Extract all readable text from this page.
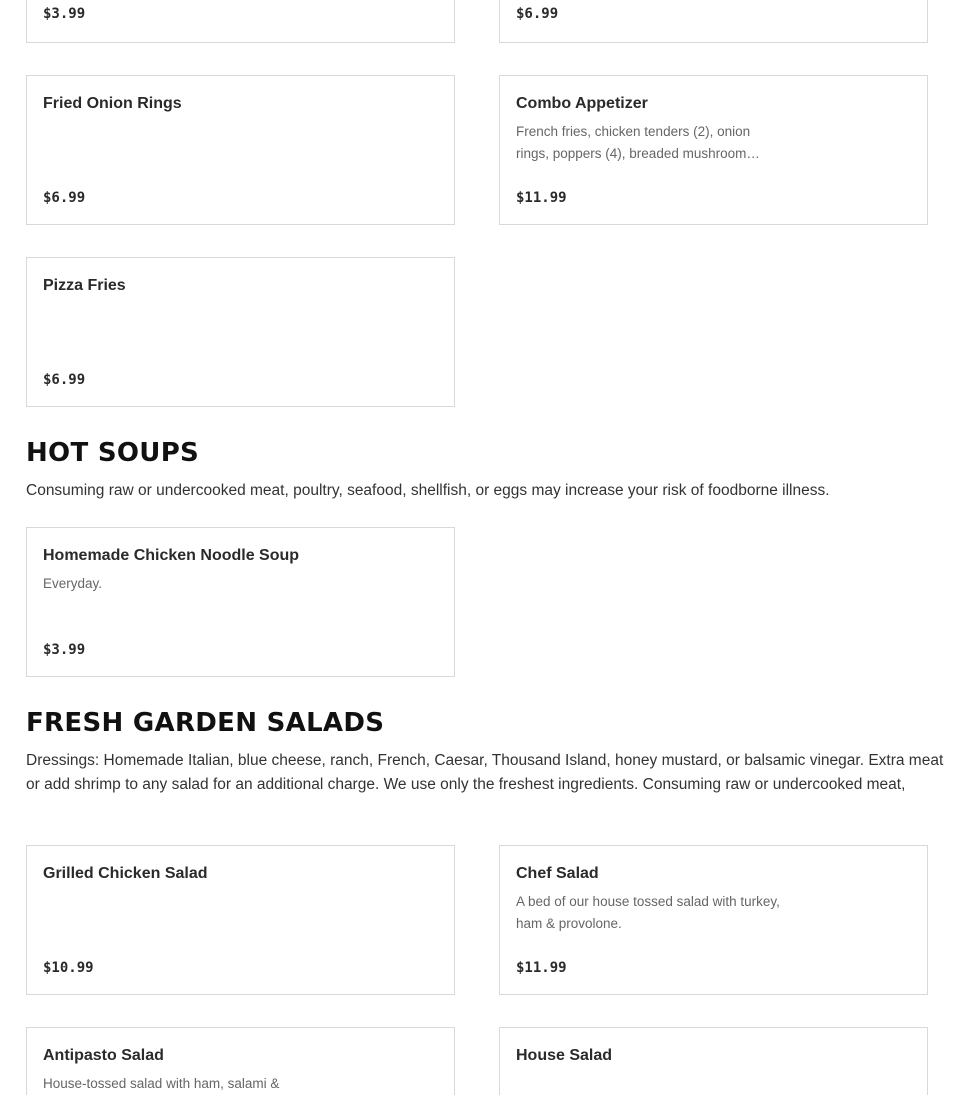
$3.99	$6.99
Fried Onion Rings
$6.99
Combo Appetizer
French fries, chicken tenders (2), onion rings, poppers (4), breaded mushroom…
$11.99
Pizza Fries
$6.99
HOT SOUPS

Consuming raw or undercooked meat, poultry, seafood, shellfish, or eggs may increase your risk of foodborne illness.

Homemade Chicken Noodle Soup
Everyday.
$3.99
FRESH GARDEN SALADS

Dressings: Homemade Italian, blue cheese, ranch, French, Caesar, Thousand Island, honey mustard, or balsamic vinegar. Extra meat or add shrimp to any salad for an additional charge. We use only the freshest ingredients. Consuming raw or undercooked meat,

Grilled Chicken Salad
$10.99
Chef Salad
A bed of our house tossed salad with turkey, ham & provolone.
$11.99
Antipasto Salad
House-tossed salad with ham, salami &
House Salad
